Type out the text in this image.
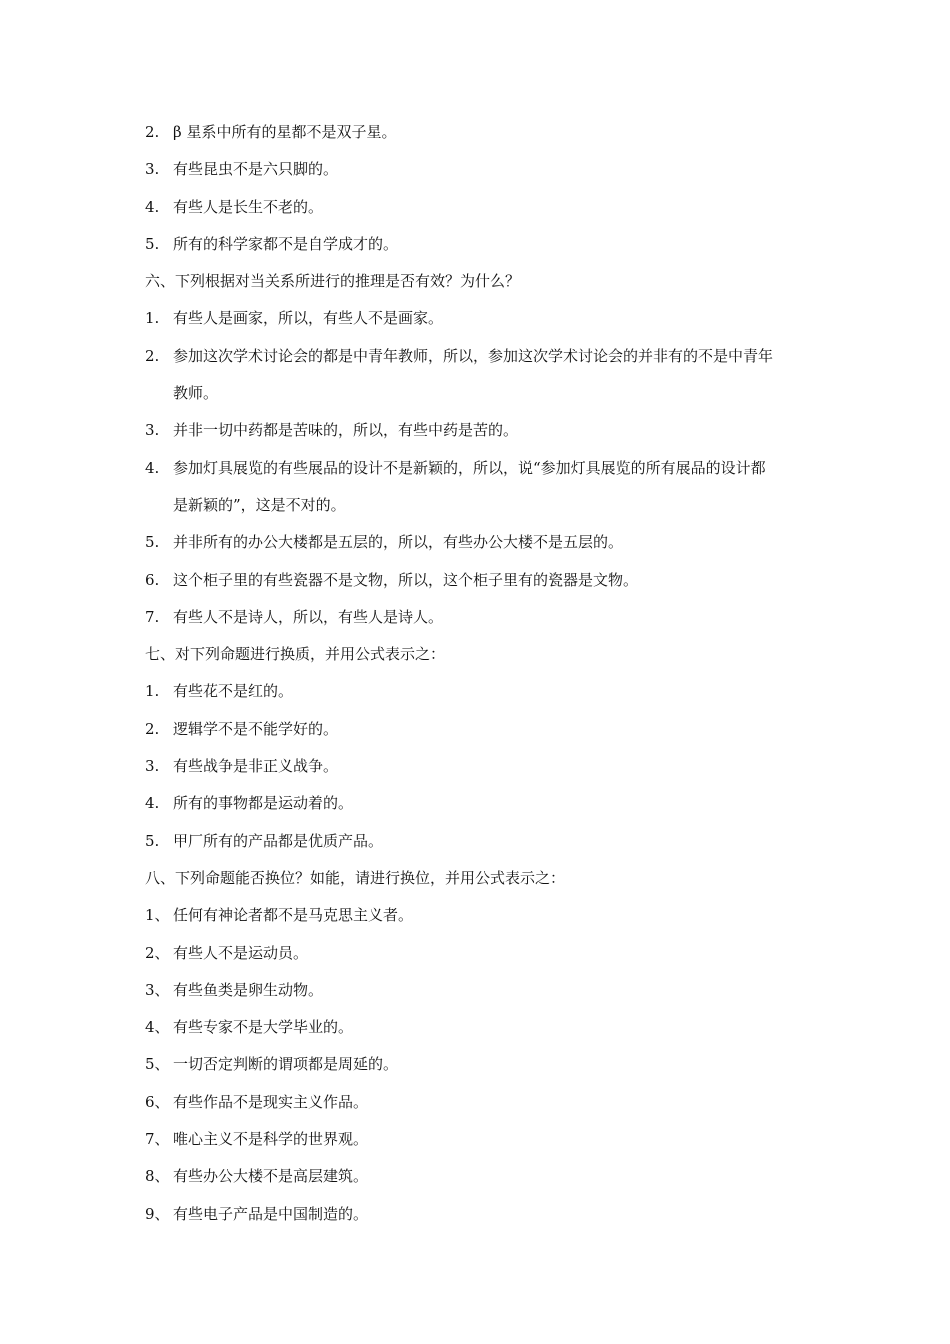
2. β 星系中所有的星都不是双子星。
3. 有些昆虫不是六只脚的。
4. 有些人是长生不老的。
5. 所有的科学家都不是自学成才的。
六、下列根据对当关系所进行的推理是否有效？为什么？
1. 有些人是画家，所以，有些人不是画家。
2. 参加这次学术讨论会的都是中青年教师，所以，参加这次学术讨论会的并非有的不是中青年
教师。
3. 并非一切中药都是苦味的，所以，有些中药是苦的。
4. 参加灯具展览的有些展品的设计不是新颖的，所以，说“参加灯具展览的所有展品的设计都
是新颖的”，这是不对的。
5. 并非所有的办公大楼都是五层的，所以，有些办公大楼不是五层的。
6. 这个柜子里的有些瓷器不是文物，所以，这个柜子里有的瓷器是文物。
7. 有些人不是诗人，所以，有些人是诗人。
七、对下列命题进行换质，并用公式表示之：
1. 有些花不是红的。
2. 逻辑学不是不能学好的。
3. 有些战争是非正义战争。
4. 所有的事物都是运动着的。
5. 甲厂所有的产品都是优质产品。
八、下列命题能否换位？如能，请进行换位，并用公式表示之：
1、 任何有神论者都不是马克思主义者。
2、 有些人不是运动员。
3、 有些鱼类是卵生动物。
4、 有些专家不是大学毕业的。
5、 一切否定判断的谓项都是周延的。
6、 有些作品不是现实主义作品。
7、 唯心主义不是科学的世界观。
8、 有些办公大楼不是高层建筑。
9、 有些电子产品是中国制造的。
